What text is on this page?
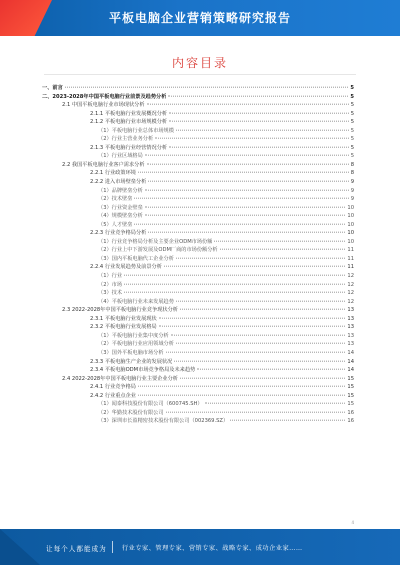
平板电脑企业营销策略研究报告
内容目录
一、前言	5
二、2023-2028年中国平板电脑行业前景及趋势分析	5
2.1 中国平板电脑行业市场现状分析	5
2.1.1 平板电脑行业发展概况分析	5
2.1.2 平板电脑行业市场规模分析	5
（1）平板电脑行业总体市场规模	5
（2）行业主营业务分析	5
2.1.3 平板电脑行业经营情况分析	5
（1）行业区域格局	5
2.2 我国平板电脑行业客户需求分析	8
2.2.1 行业政策环境	8
2.2.2 进入市场壁垒分析	9
（1）品牌壁垒分析	9
（2）技术壁垒	9
（3）行业资金壁垒	10
（4）规模壁垒分析	10
（5）人才壁垒	10
2.2.3 行业竞争格局分析	10
（1）行业竞争格局分析及主要企业ODM市场份额	10
（2）行业上中下游发展及ODM厂商的市场份额分析	11
（3）国内平板电脑代工企业分析	11
2.2.4 行业发展趋势及前景分析	11
（1）行业	12
（2）市场	12
（3）技术	12
（4）平板电脑行业未来发展趋势	12
2.3 2022-2028年中国平板电脑行业竞争现状分析	13
2.3.1 平板电脑行业发展现状	13
2.3.2 平板电脑行业发展格局	13
（1）平板电脑行业集中度分析	13
（2）平板电脑行业应用领域分析	13
（3）国外平板电脑市场分析	14
2.3.3 平板电脑生产企业的发展状况	14
2.3.4 平板电脑ODM市场竞争格局及未来趋势	14
2.4 2022-2028年中国平板电脑行业主要企业分析	15
2.4.1 行业竞争格局	15
2.4.2 行业重点企业	15
（1）闻泰科技股份有限公司（600745.SH）	15
（2）华勤技术股份有限公司	16
（3）深圳市长盈精密技术股份有限公司（002369.SZ）	16
4
让每个人都能成为 行业专家、管理专家、营销专家、战略专家、成功企业家……
